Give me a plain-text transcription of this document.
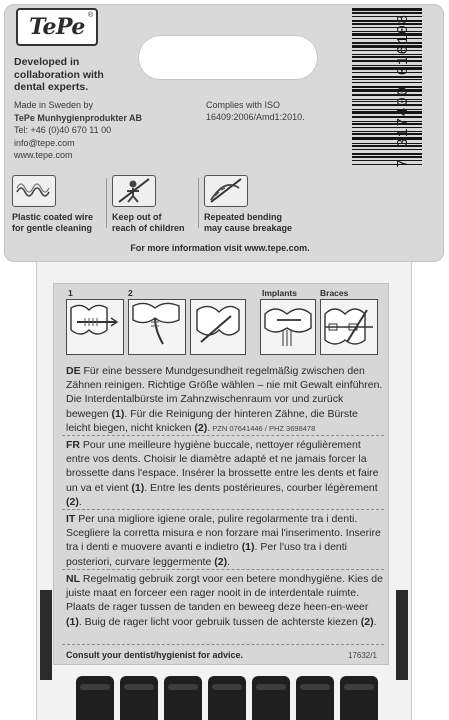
TePe ®
Developed in
collaboration with
dental experts.
Made in Sweden by
TePe Munhygienprodukter AB
Tel: +46 (0)40 670 11 00
info@tepe.com
www.tepe.com
Complies with ISO
16409:2006/Amd1:2010.	7 317400 016108
Plastic coated wire
for gentle cleaning
Keep out of
reach of children
Repeated bending
may cause breakage
For more information visit www.tepe.com.
1	2	Implants	Braces
DE Für eine bessere Mundgesundheit regelmäßig zwischen den Zähnen reinigen. Richtige Größe wählen – nie mit Gewalt einführen. Die Interdentalbürste im Zahnzwischenraum vor und zurück bewegen (1). Für die Reinigung der hinteren Zähne, die Bürste leicht biegen, nicht knicken (2). PZN 07641446 / PHZ 3698478
FR Pour une meilleure hygiène buccale, nettoyer régulièrement entre vos dents. Choisir le diamètre adapté et ne jamais forcer la brossette dans l'espace. Insérer la brossette entre les dents et faire un va et vient (1). Entre les dents postérieures, courber légèrement (2).
IT Per una migliore igiene orale, pulire regolarmente tra i denti. Scegliere la corretta misura e non forzare mai l'inserimento. Inserire tra i denti e muovere avanti e indietro (1). Per l'uso tra i denti posteriori, curvare leggermente (2).
NL Regelmatig gebruik zorgt voor een betere mondhygiëne. Kies de juiste maat en forceer een rager nooit in de interdentale ruimte. Plaats de rager tussen de tanden en beweeg deze heen-en-weer (1). Buig de rager licht voor gebruik tussen de achterste kiezen (2).
Consult your dentist/hygienist for advice.	17632/1
